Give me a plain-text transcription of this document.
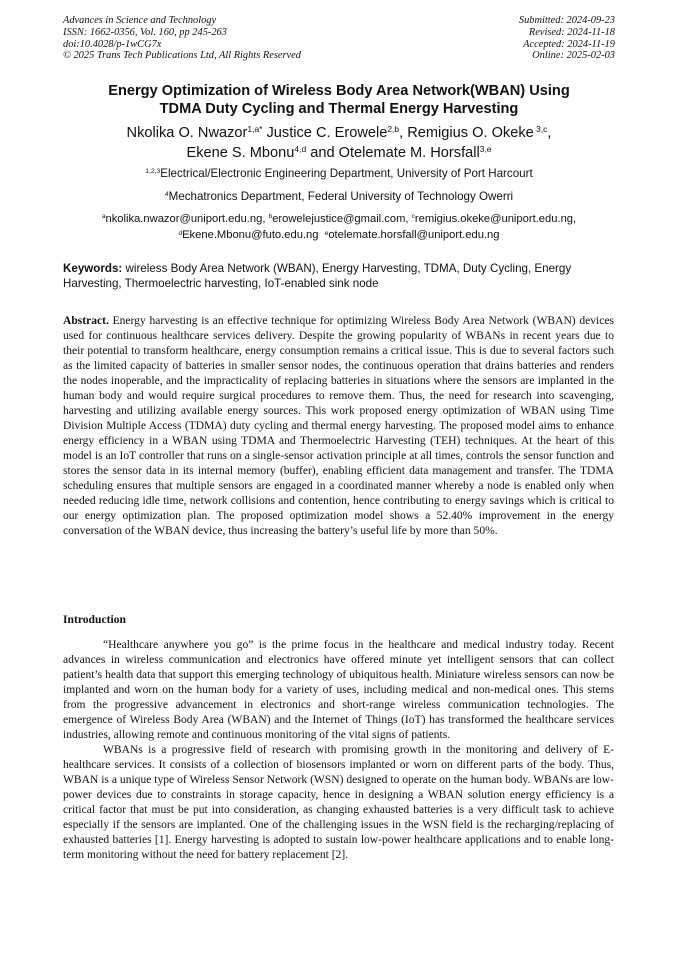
Advances in Science and Technology
ISSN: 1662-0356, Vol. 160, pp 245-263
doi:10.4028/p-1wCG7x
© 2025 Trans Tech Publications Ltd, All Rights Reserved
Submitted: 2024-09-23
Revised: 2024-11-18
Accepted: 2024-11-19
Online: 2025-02-03
Energy Optimization of Wireless Body Area Network(WBAN) Using
TDMA Duty Cycling and Thermal Energy Harvesting
Nkolika O. Nwazor$^{1,a*}$ Justice C. Erowele$^{2,b}$, Remigius O. Okeke $^{3,c}$,
Ekene S. Mbonu$^{4,d}$ and Otelemate M. Horsfall$^{3,e}$
$^{1,2,3}$Electrical/Electronic Engineering Department, University of Port Harcourt
$^4$Mechatronics Department, Federal University of Technology Owerri
$^a$nkolika.nwazor@uniport.edu.ng, $^b$erowelejustice@gmail.com, $^c$remigius.okeke@uniport.edu.ng,
$^d$Ekene.Mbonu@futo.edu.ng $^e$otelemate.horsfall@uniport.edu.ng
Keywords: wireless Body Area Network (WBAN), Energy Harvesting, TDMA, Duty Cycling, Energy Harvesting, Thermoelectric harvesting, IoT-enabled sink node

Abstract. Energy harvesting is an effective technique for optimizing Wireless Body Area Network (WBAN) devices used for continuous healthcare services delivery. Despite the growing popularity of WBANs in recent years due to their potential to transform healthcare, energy consumption remains a critical issue. This is due to several factors such as the limited capacity of batteries in smaller sensor nodes, the continuous operation that drains batteries and renders the nodes inoperable, and the impracticality of replacing batteries in situations where the sensors are implanted in the human body and would require surgical procedures to remove them. Thus, the need for research into scavenging, harvesting and utilizing available energy sources. This work proposed energy optimization of WBAN using Time Division Multiple Access (TDMA) duty cycling and thermal energy harvesting. The proposed model aims to enhance energy efficiency in a WBAN using TDMA and Thermoelectric Harvesting (TEH) techniques. At the heart of this model is an IoT controller that runs on a single-sensor activation principle at all times, controls the sensor function and stores the sensor data in its internal memory (buffer), enabling efficient data management and transfer. The TDMA scheduling ensures that multiple sensors are engaged in a coordinated manner whereby a node is enabled only when needed reducing idle time, network collisions and contention, hence contributing to energy savings which is critical to our energy optimization plan. The proposed optimization model shows a 52.40% improvement in the energy conversation of the WBAN device, thus increasing the battery’s useful life by more than 50%.

Introduction

“Healthcare anywhere you go” is the prime focus in the healthcare and medical industry today. Recent advances in wireless communication and electronics have offered minute yet intelligent sensors that can collect patient’s health data that support this emerging technology of ubiquitous health. Miniature wireless sensors can now be implanted and worn on the human body for a variety of uses, including medical and non-medical ones. This stems from the progressive advancement in electronics and short-range wireless communication technologies. The emergence of Wireless Body Area (WBAN) and the Internet of Things (IoT) has transformed the healthcare services industries, allowing remote and continuous monitoring of the vital signs of patients.

WBANs is a progressive field of research with promising growth in the monitoring and delivery of E-healthcare services. It consists of a collection of biosensors implanted or worn on different parts of the body. Thus, WBAN is a unique type of Wireless Sensor Network (WSN) designed to operate on the human body. WBANs are low-power devices due to constraints in storage capacity, hence in designing a WBAN solution energy efficiency is a critical factor that must be put into consideration, as changing exhausted batteries is a very difficult task to achieve especially if the sensors are implanted. One of the challenging issues in the WSN field is the recharging/replacing of exhausted batteries [1]. Energy harvesting is adopted to sustain low-power healthcare applications and to enable long-term monitoring without the need for battery replacement [2].
